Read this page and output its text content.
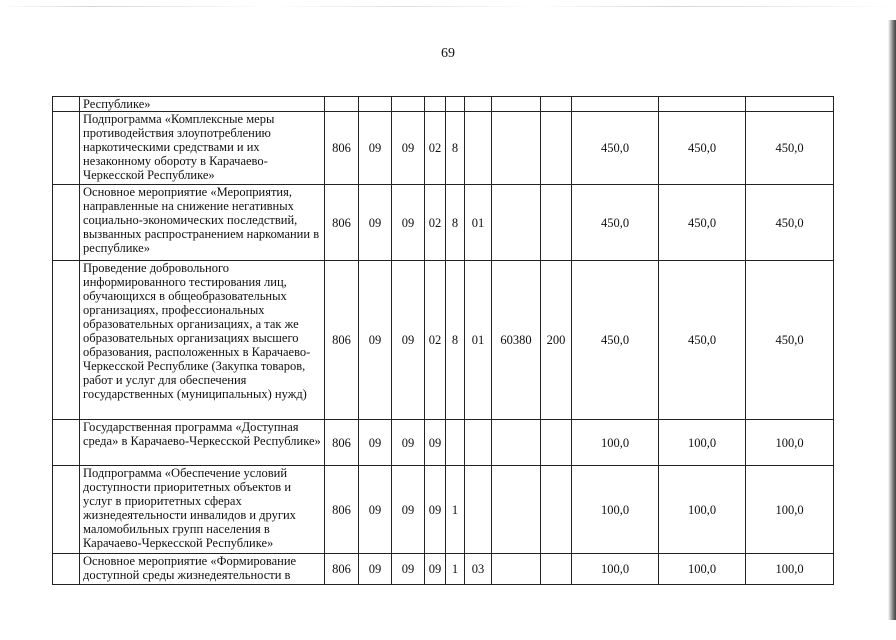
69
	Республике»											
	Подпрограмма «Комплексные меры противодействия злоупотреблению наркотическими средствами и их незаконному обороту в Карачаево-Черкесской Республике»	806	09	09	02	8				450,0	450,0	450,0
	Основное мероприятие «Мероприятия, направленные на снижение негативных социально-экономических последствий, вызванных распространением наркомании в республике»	806	09	09	02	8	01			450,0	450,0	450,0
	Проведение добровольного информированного тестирования лиц, обучающихся в общеобразовательных организациях, профессиональных образовательных организациях, а так же образовательных организациях высшего образования, расположенных в Карачаево-Черкесской Республике (Закупка товаров, работ и услуг для обеспечения государственных (муниципальных) нужд)	806	09	09	02	8	01	60380	200	450,0	450,0	450,0
	Государственная программа «Доступная среда» в Карачаево-Черкесской Республике»	806	09	09	09					100,0	100,0	100,0
	Подпрограмма «Обеспечение условий доступности приоритетных объектов и услуг в приоритетных сферах жизнедеятельности инвалидов и других маломобильных групп населения в Карачаево-Черкесской Республике»	806	09	09	09	1				100,0	100,0	100,0
	Основное мероприятие «Формирование доступной среды жизнедеятельности в	806	09	09	09	1	03			100,0	100,0	100,0
